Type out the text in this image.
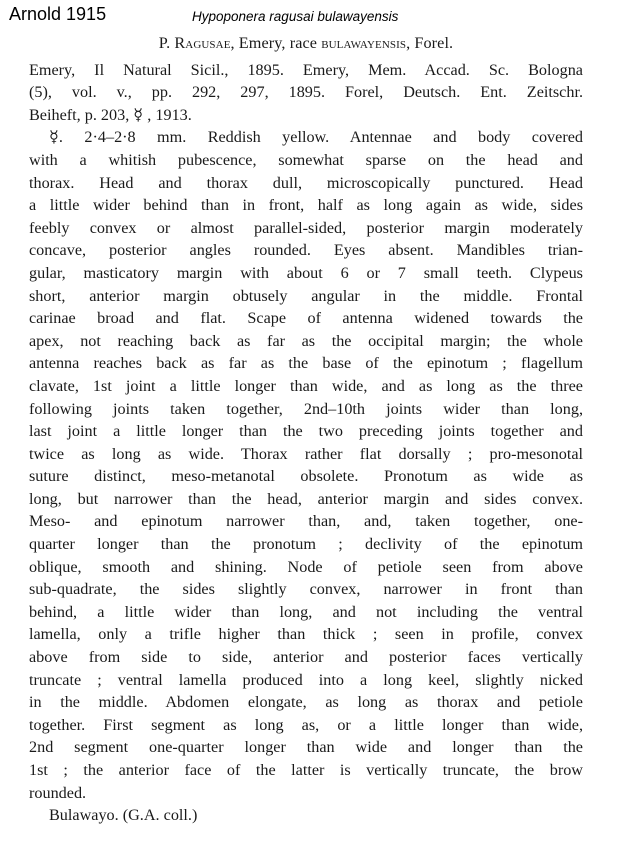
Arnold 1915	Hypoponera ragusai bulawayensis
P. Ragusae, Emery, race bulawayensis, Forel.
Emery, Il Natural Sicil., 1895. Emery, Mem. Accad. Sc. Bologna
(5), vol. v., pp. 292, 297, 1895. Forel, Deutsch. Ent. Zeitschr.
Beiheft, p. 203, ☿ , 1913.
☿. 2·4–2·8 mm. Reddish yellow. Antennae and body covered
with a whitish pubescence, somewhat sparse on the head and
thorax. Head and thorax dull, microscopically punctured. Head
a little wider behind than in front, half as long again as wide, sides
feebly convex or almost parallel-sided, posterior margin moderately
concave, posterior angles rounded. Eyes absent. Mandibles trian-
gular, masticatory margin with about 6 or 7 small teeth. Clypeus
short, anterior margin obtusely angular in the middle. Frontal
carinae broad and flat. Scape of antenna widened towards the
apex, not reaching back as far as the occipital margin; the whole
antenna reaches back as far as the base of the epinotum ; flagellum
clavate, 1st joint a little longer than wide, and as long as the three
following joints taken together, 2nd–10th joints wider than long,
last joint a little longer than the two preceding joints together and
twice as long as wide. Thorax rather flat dorsally ; pro-mesonotal
suture distinct, meso-metanotal obsolete. Pronotum as wide as
long, but narrower than the head, anterior margin and sides convex.
Meso- and epinotum narrower than, and, taken together, one-
quarter longer than the pronotum ; declivity of the epinotum
oblique, smooth and shining. Node of petiole seen from above
sub-quadrate, the sides slightly convex, narrower in front than
behind, a little wider than long, and not including the ventral
lamella, only a trifle higher than thick ; seen in profile, convex
above from side to side, anterior and posterior faces vertically
truncate ; ventral lamella produced into a long keel, slightly nicked
in the middle. Abdomen elongate, as long as thorax and petiole
together. First segment as long as, or a little longer than wide,
2nd segment one-quarter longer than wide and longer than the
1st ; the anterior face of the latter is vertically truncate, the brow
rounded.
Bulawayo. (G.A. coll.)
